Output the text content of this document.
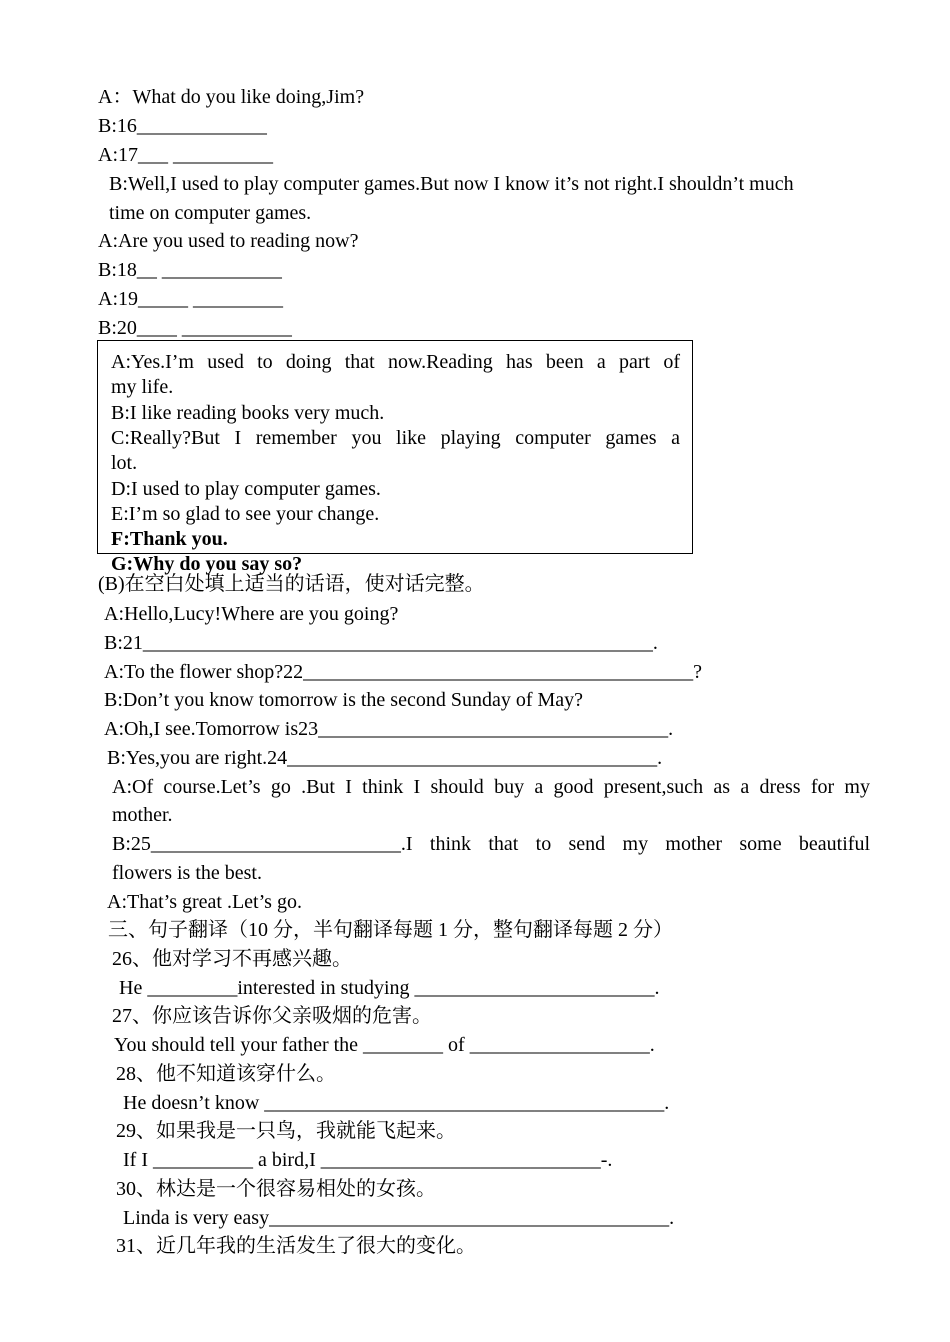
A：What do you like doing,Jim?

B:16_____________

A:17___ __________

B:Well,I used to play computer games.But now I know it’s not right.I shouldn’t much

time on computer games.

A:Are you used to reading now?

B:18__ ____________

A:19_____ _________

B:20____ ___________

A:Yes.I’m used to doing that now.Reading has been a part of

my life.

B:I like reading books very much.

C:Really?But I remember you like playing computer games a

lot.

D:I used to play computer games.

E:I’m so glad to see your change.

F:Thank you.

G:Why do you say so?

(B)在空白处填上适当的话语，使对话完整。

A:Hello,Lucy!Where are you going?

B:21___________________________________________________.

A:To the flower shop?22_______________________________________?

B:Don’t you know tomorrow is the second Sunday of May?

A:Oh,I see.Tomorrow is23___________________________________.

B:Yes,you are right.24_____________________________________.

A:Of course.Let’s go .But I think I should buy a good present,such as a dress for my

mother.

B:25_________________________.I think that to send my mother some beautiful

flowers is the best.

A:That’s great .Let’s go.

三、句子翻译（10 分，半句翻译每题 1 分，整句翻译每题 2 分）

26、他对学习不再感兴趣。

He _________interested in studying ________________________.

27、你应该告诉你父亲吸烟的危害。

You should tell your father the ________ of __________________.

28、他不知道该穿什么。

He doesn’t know ________________________________________.

29、如果我是一只鸟，我就能飞起来。

If I __________ a bird,I ____________________________-.

30、林达是一个很容易相处的女孩。

Linda is very easy________________________________________.

31、近几年我的生活发生了很大的变化。
